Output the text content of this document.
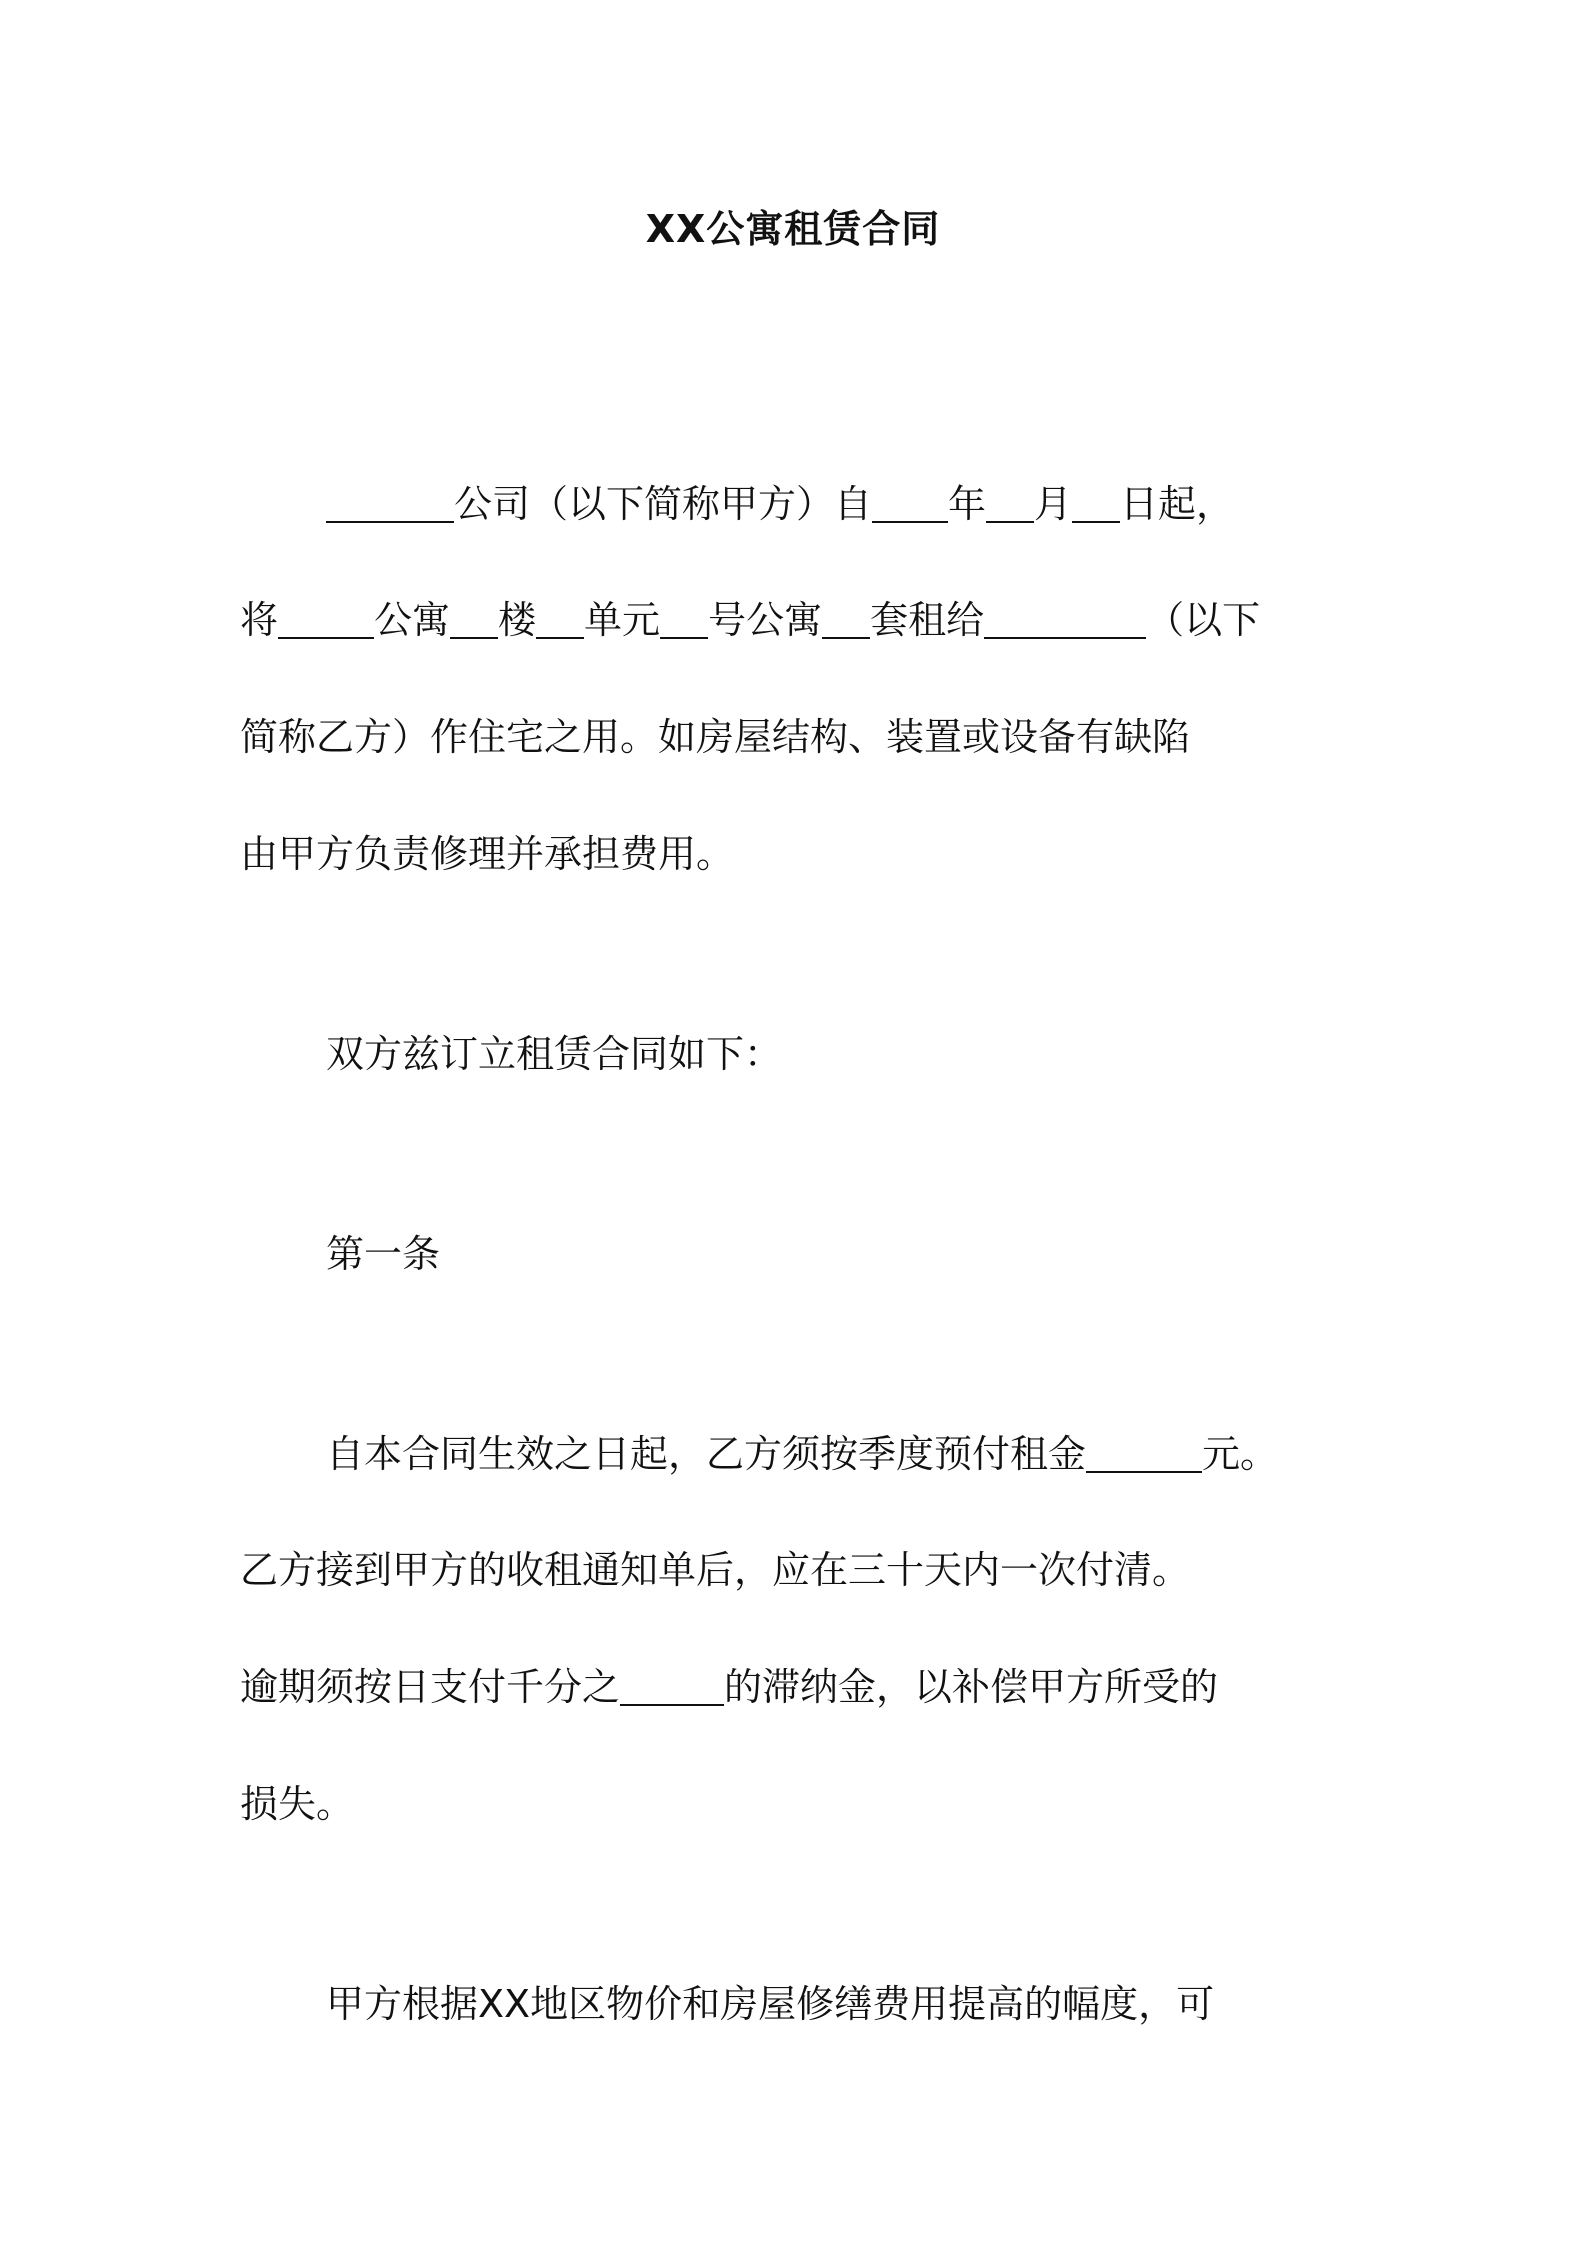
XX公寓租赁合同

公司（以下简称甲方）自 年 月 日起，

将	公寓 楼 单元 号公寓 套租给	（以下

简称乙方）作住宅之用。如房屋结构、装置或设备有缺陷

由甲方负责修理并承担费用。

双方兹订立租赁合同如下：

第一条

自本合同生效之日起，乙方须按季度预付租金	元。

乙方接到甲方的收租通知单后，应在三十天内一次付清。

逾期须按日支付千分之	的滞纳金，以补偿甲方所受的

损失。

甲方根据XX地区物价和房屋修缮费用提高的幅度，可
